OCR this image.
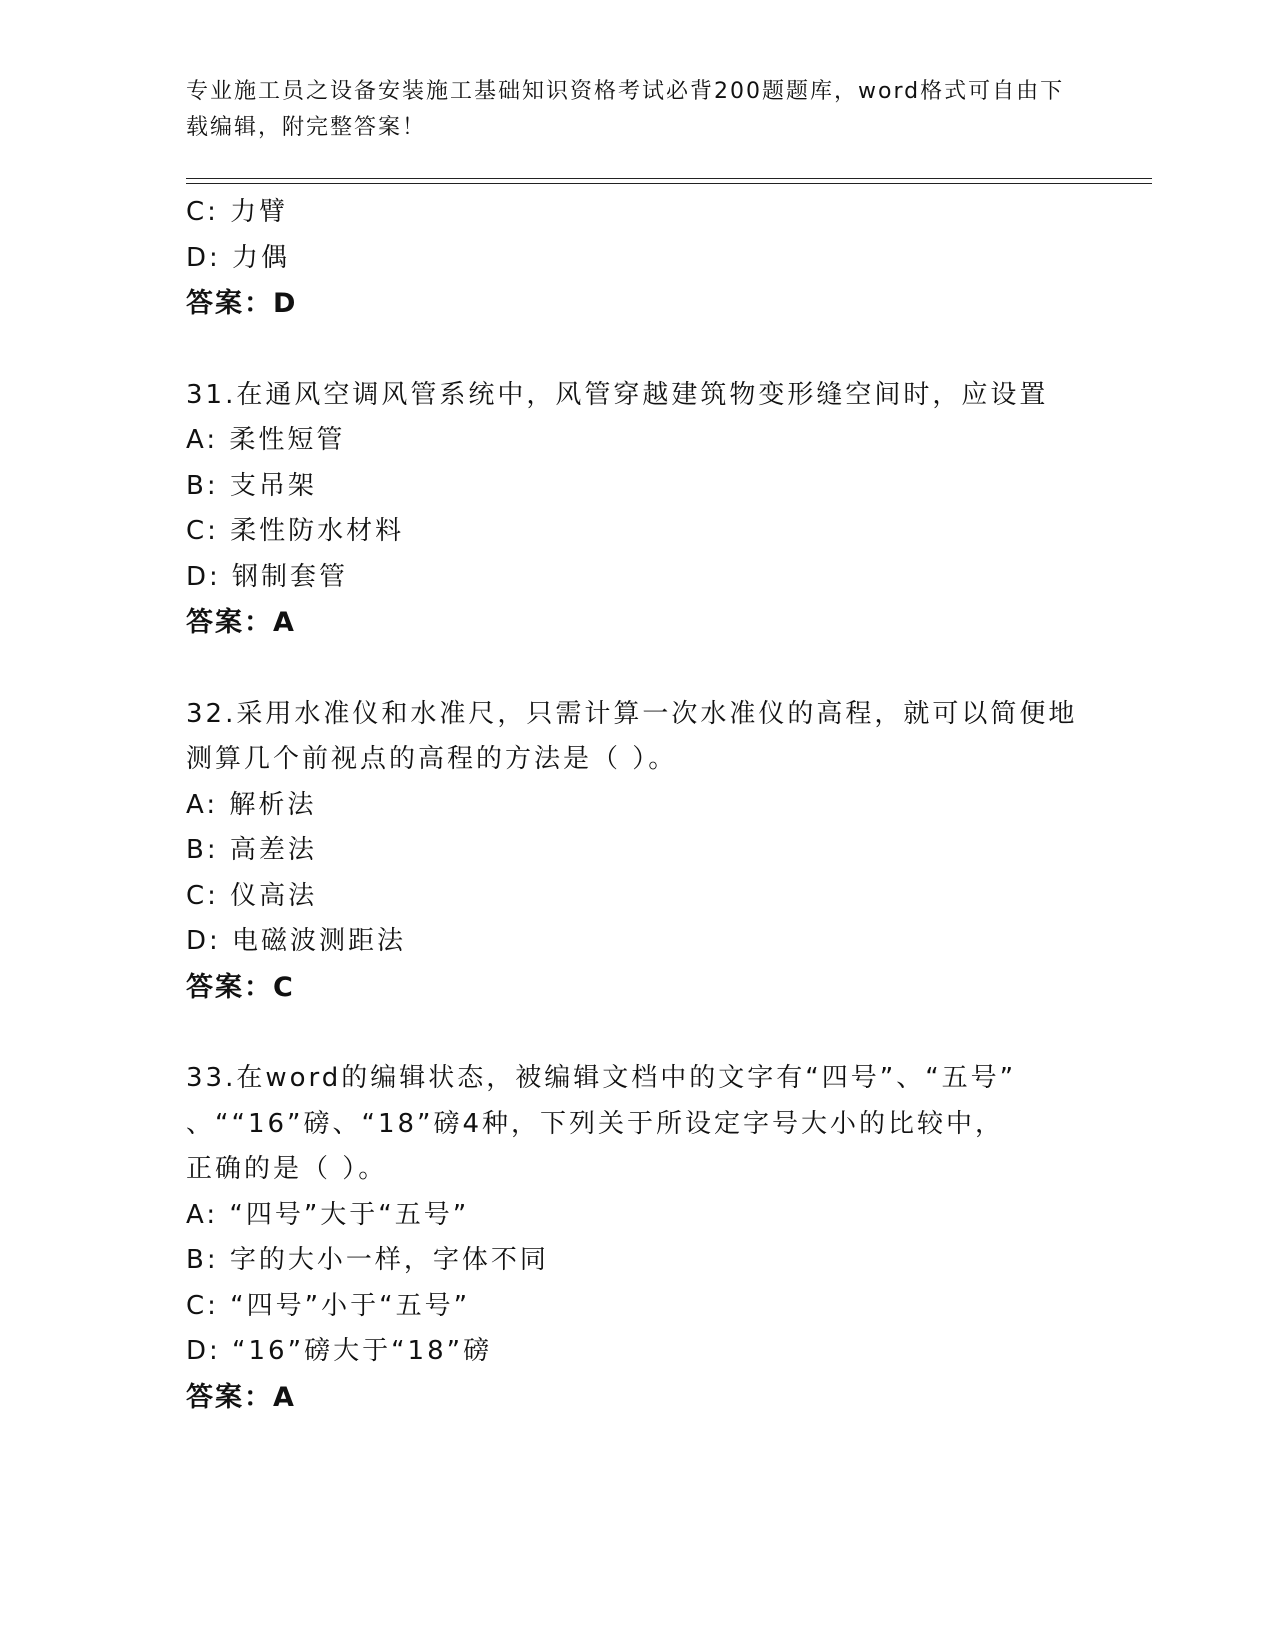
专业施工员之设备安装施工基础知识资格考试必背200题题库，word格式可自由下载编辑，附完整答案！
C: 力臂
D: 力偶
答案：D
31.在通风空调风管系统中，风管穿越建筑物变形缝空间时，应设置
A: 柔性短管
B: 支吊架
C: 柔性防水材料
D: 钢制套管
答案：A
32.采用水准仪和水准尺，只需计算一次水准仪的高程，就可以简便地
测算几个前视点的高程的方法是（ ）。
A: 解析法
B: 高差法
C: 仪高法
D: 电磁波测距法
答案：C
33.在word的编辑状态，被编辑文档中的文字有“四号”、“五号”
、““16”磅、“18”磅4种，下列关于所设定字号大小的比较中，
正确的是（ ）。
A: “四号”大于“五号”
B: 字的大小一样，字体不同
C: “四号”小于“五号”
D: “16”磅大于“18”磅
答案：A
